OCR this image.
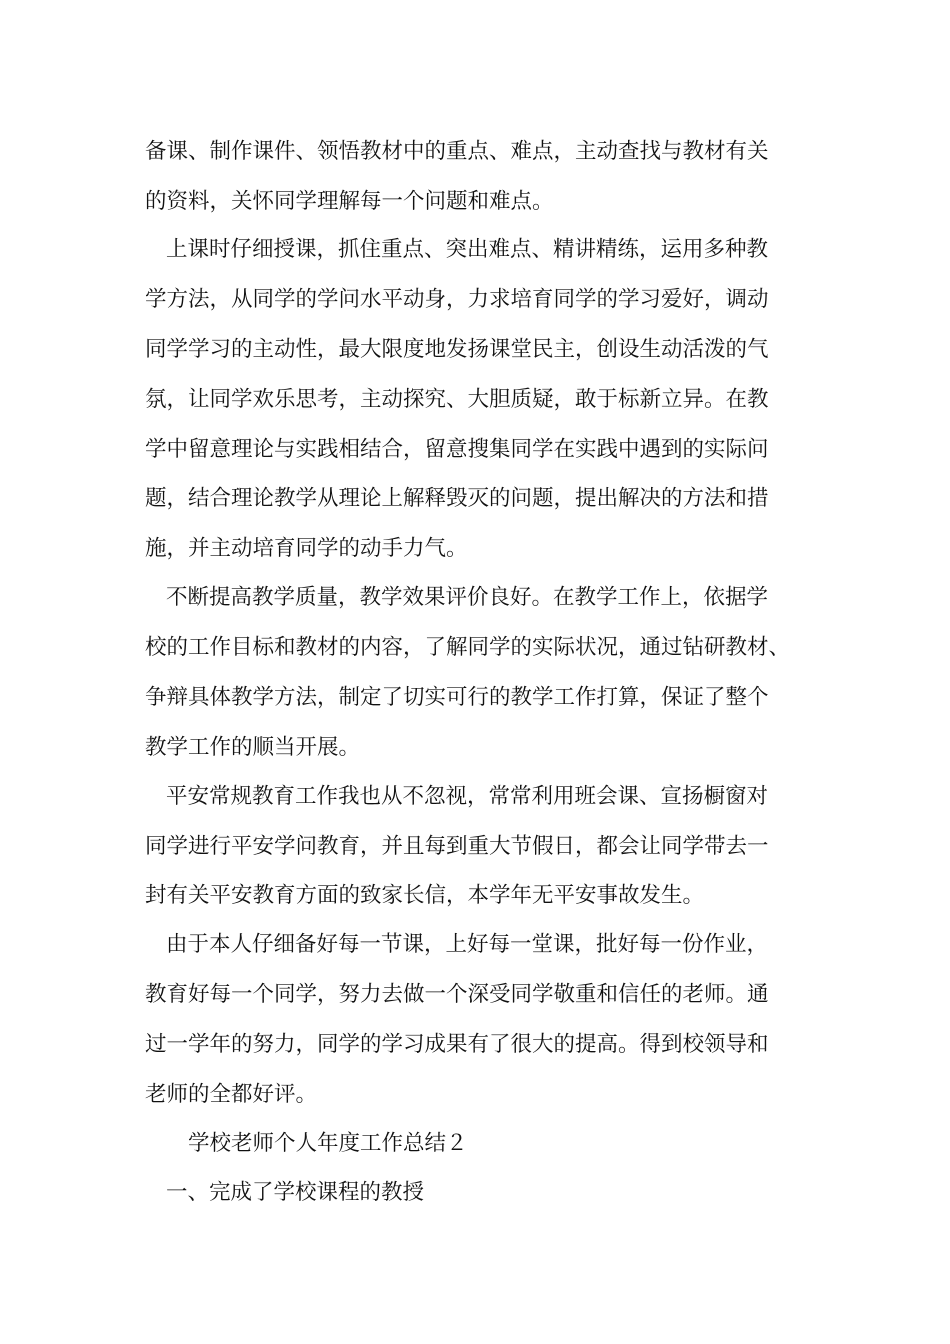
备课、制作课件、领悟教材中的重点、难点，主动查找与教材有关

的资料，关怀同学理解每一个问题和难点。

上课时仔细授课，抓住重点、突出难点、精讲精练，运用多种教

学方法，从同学的学问水平动身，力求培育同学的学习爱好，调动

同学学习的主动性，最大限度地发扬课堂民主，创设生动活泼的气

氛，让同学欢乐思考，主动探究、大胆质疑，敢于标新立异。在教

学中留意理论与实践相结合，留意搜集同学在实践中遇到的实际问

题，结合理论教学从理论上解释毁灭的问题，提出解决的方法和措

施，并主动培育同学的动手力气。

不断提高教学质量，教学效果评价良好。在教学工作上，依据学

校的工作目标和教材的内容，了解同学的实际状况，通过钻研教材、

争辩具体教学方法，制定了切实可行的教学工作打算，保证了整个

教学工作的顺当开展。

平安常规教育工作我也从不忽视，常常利用班会课、宣扬橱窗对

同学进行平安学问教育，并且每到重大节假日，都会让同学带去一

封有关平安教育方面的致家长信，本学年无平安事故发生。

由于本人仔细备好每一节课，上好每一堂课，批好每一份作业，

教育好每一个同学，努力去做一个深受同学敬重和信任的老师。通

过一学年的努力，同学的学习成果有了很大的提高。得到校领导和

老师的全都好评。

学校老师个人年度工作总结２

一、完成了学校课程的教授
